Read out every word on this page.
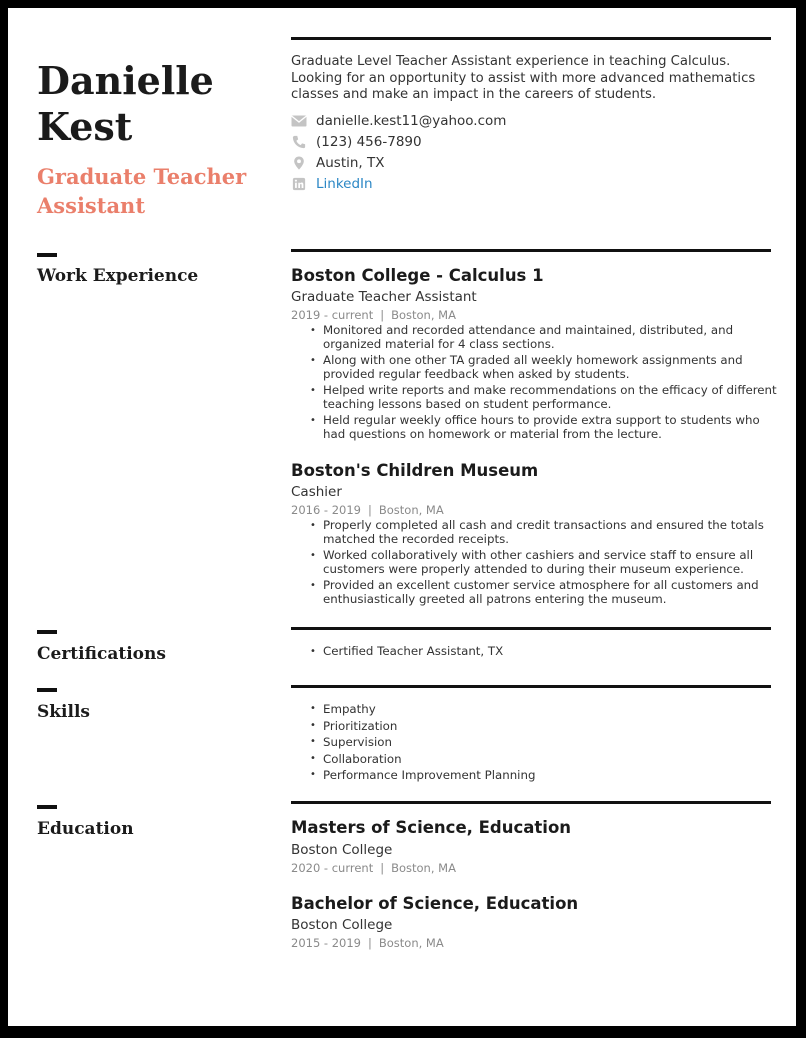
Danielle
Kest
Graduate Teacher
Assistant
Graduate Level Teacher Assistant experience in teaching Calculus. Looking for an opportunity to assist with more advanced mathematics classes and make an impact in the careers of students.
danielle.kest11@yahoo.com
(123) 456-7890
Austin, TX
LinkedIn
Work Experience	Boston College - Calculus 1
Graduate Teacher Assistant
2019 - current | Boston, MA
• Monitored and recorded attendance and maintained, distributed, and organized material for 4 class sections.
• Along with one other TA graded all weekly homework assignments and provided regular feedback when asked by students.
• Helped write reports and make recommendations on the efficacy of different teaching lessons based on student performance.
• Held regular weekly office hours to provide extra support to students who had questions on homework or material from the lecture.
Boston's Children Museum
Cashier
2016 - 2019 | Boston, MA
• Properly completed all cash and credit transactions and ensured the totals matched the recorded receipts.
• Worked collaboratively with other cashiers and service staff to ensure all customers were properly attended to during their museum experience.
• Provided an excellent customer service atmosphere for all customers and enthusiastically greeted all patrons entering the museum.
Certifications	• Certified Teacher Assistant, TX
Skills	• Empathy
• Prioritization
• Supervision
• Collaboration
• Performance Improvement Planning
Education	Masters of Science, Education
Boston College
2020 - current | Boston, MA
Bachelor of Science, Education
Boston College
2015 - 2019 | Boston, MA
